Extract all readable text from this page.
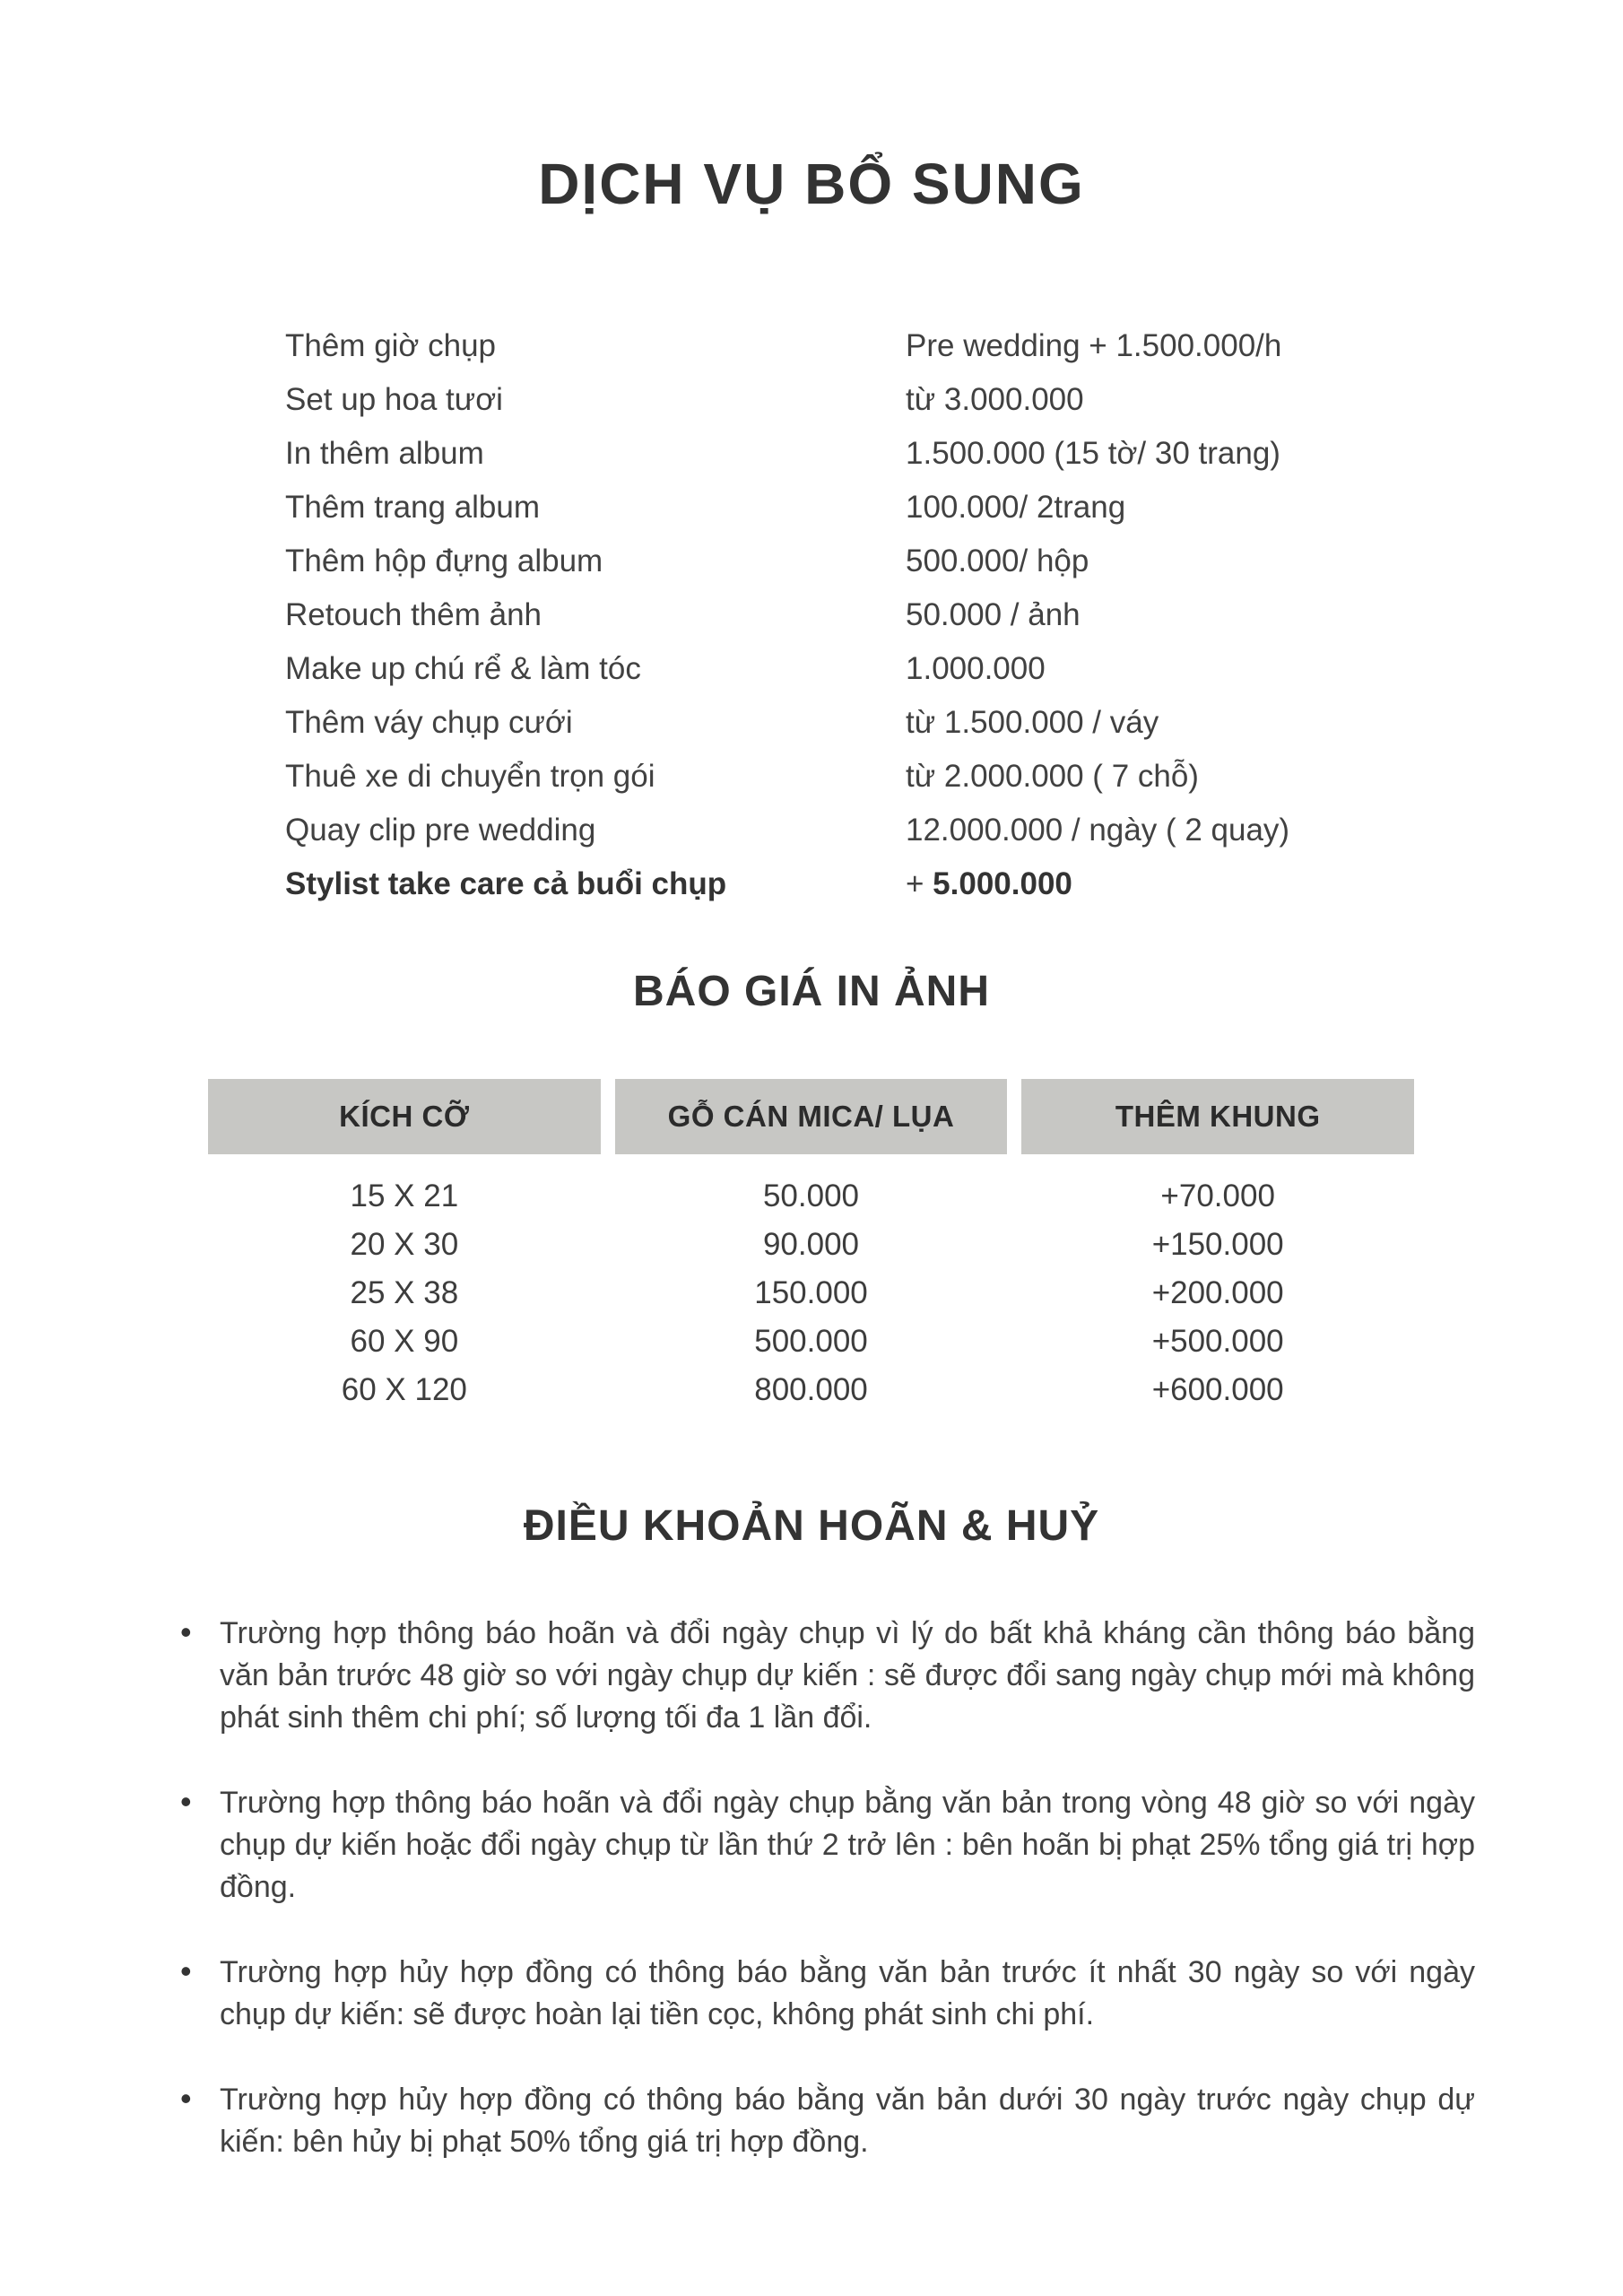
DỊCH VỤ BỔ SUNG
Thêm giờ chụp	Pre wedding + 1.500.000/h
Set up hoa tươi	từ 3.000.000
In thêm album	1.500.000 (15 tờ/ 30 trang)
Thêm trang album	100.000/ 2trang
Thêm hộp đựng album	500.000/ hộp
Retouch thêm ảnh	50.000 / ảnh
Make up chú rể & làm tóc	1.000.000
Thêm váy chụp cưới	từ 1.500.000 / váy
Thuê xe di chuyển trọn gói	từ 2.000.000 ( 7 chỗ)
Quay clip pre wedding	12.000.000 / ngày ( 2 quay)
Stylist take care cả buổi chụp	+ 5.000.000
BÁO GIÁ IN ẢNH
KÍCH CỠ	GỖ CÁN MICA/ LỤA	THÊM KHUNG
15 X 21	50.000	+70.000
20 X 30	90.000	+150.000
25 X 38	150.000	+200.000
60 X 90	500.000	+500.000
60 X 120	800.000	+600.000
ĐIỀU KHOẢN HOÃN & HUỶ
• Trường hợp thông báo hoãn và đổi ngày chụp vì lý do bất khả kháng cần thông báo bằng văn bản trước 48 giờ so với ngày chụp dự kiến : sẽ được đổi sang ngày chụp mới mà không phát sinh thêm chi phí; số lượng tối đa 1 lần đổi.
• Trường hợp thông báo hoãn và đổi ngày chụp bằng văn bản trong vòng 48 giờ so với ngày chụp dự kiến hoặc đổi ngày chụp từ lần thứ 2 trở lên : bên hoãn bị phạt 25% tổng giá trị hợp đồng.
• Trường hợp hủy hợp đồng có thông báo bằng văn bản trước ít nhất 30 ngày so với ngày chụp dự kiến: sẽ được hoàn lại tiền cọc, không phát sinh chi phí.
• Trường hợp hủy hợp đồng có thông báo bằng văn bản dưới 30 ngày trước ngày chụp dự kiến: bên hủy bị phạt 50% tổng giá trị hợp đồng.
